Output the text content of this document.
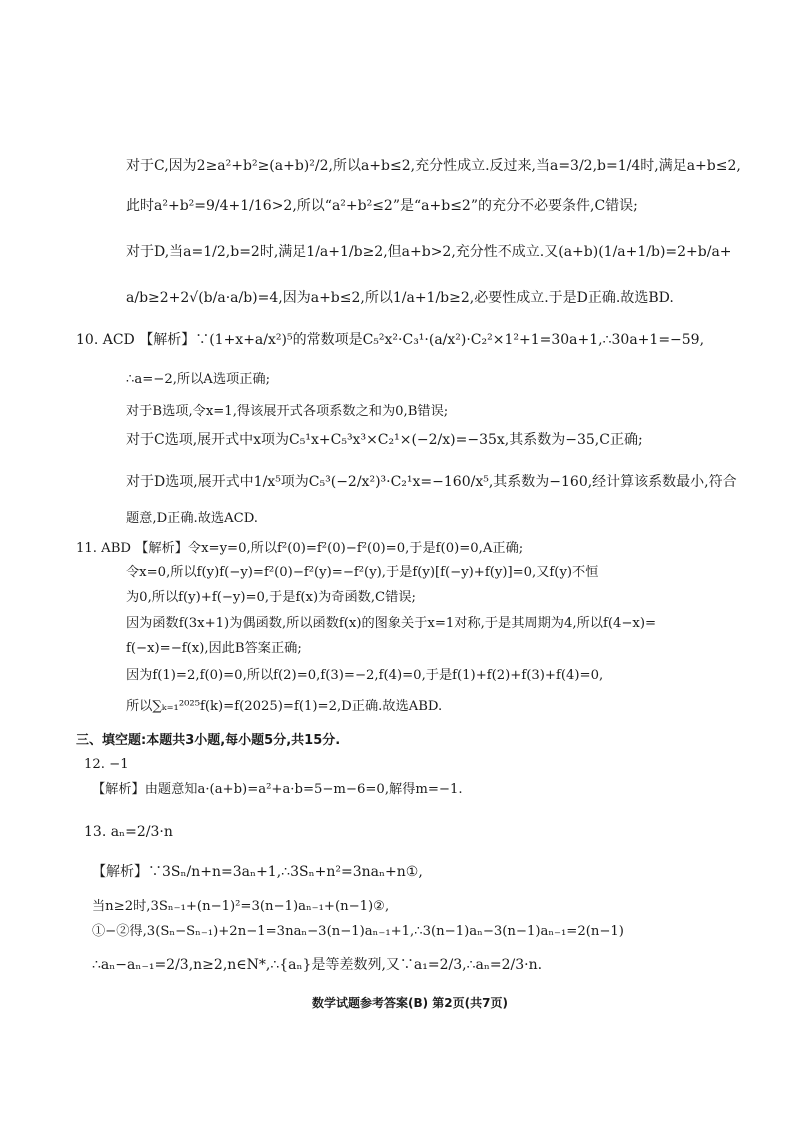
对于C,因为2≥a²+b²≥(a+b)²/2,所以a+b≤2,充分性成立.反过来,当a=3/2,b=1/4时,满足a+b≤2,
此时a²+b²=9/4+1/16>2,所以“a²+b²≤2”是“a+b≤2”的充分不必要条件,C错误;
对于D,当a=1/2,b=2时,满足1/a+1/b≥2,但a+b>2,充分性不成立.又(a+b)(1/a+1/b)=2+b/a+
a/b≥2+2√(b/a·a/b)=4,因为a+b≤2,所以1/a+1/b≥2,必要性成立.于是D正确.故选BD.
10. ACD 【解析】∵(1+x+a/x²)⁵的常数项是C₅²x²·C₃¹·(a/x²)·C₂²×1²+1=30a+1,∴30a+1=−59,
∴a=−2,所以A选项正确;
对于B选项,令x=1,得该展开式各项系数之和为0,B错误;
对于C选项,展开式中x项为C₅¹x+C₅³x³×C₂¹×(−2/x)=−35x,其系数为−35,C正确;
对于D选项,展开式中1/x⁵项为C₅³(−2/x²)³·C₂¹x=−160/x⁵,其系数为−160,经计算该系数最小,符合
题意,D正确.故选ACD.
11. ABD 【解析】令x=y=0,所以f²(0)=f²(0)−f²(0)=0,于是f(0)=0,A正确;
令x=0,所以f(y)f(−y)=f²(0)−f²(y)=−f²(y),于是f(y)[f(−y)+f(y)]=0,又f(y)不恒
为0,所以f(y)+f(−y)=0,于是f(x)为奇函数,C错误;
因为函数f(3x+1)为偶函数,所以函数f(x)的图象关于x=1对称,于是其周期为4,所以f(4−x)=
f(−x)=−f(x),因此B答案正确;
因为f(1)=2,f(0)=0,所以f(2)=0,f(3)=−2,f(4)=0,于是f(1)+f(2)+f(3)+f(4)=0,
所以∑ₖ₌₁²⁰²⁵f(k)=f(2025)=f(1)=2,D正确.故选ABD.
三、填空题:本题共3小题,每小题5分,共15分.
12. −1
【解析】由题意知a·(a+b)=a²+a·b=5−m−6=0,解得m=−1.
13. aₙ=2/3·n
【解析】∵3Sₙ/n+n=3aₙ+1,∴3Sₙ+n²=3naₙ+n①,
当n≥2时,3Sₙ₋₁+(n−1)²=3(n−1)aₙ₋₁+(n−1)②,
①−②得,3(Sₙ−Sₙ₋₁)+2n−1=3naₙ−3(n−1)aₙ₋₁+1,∴3(n−1)aₙ−3(n−1)aₙ₋₁=2(n−1)
∴aₙ−aₙ₋₁=2/3,n≥2,n∈N*,∴{aₙ}是等差数列,又∵a₁=2/3,∴aₙ=2/3·n.
数学试题参考答案(B) 第2页(共7页)
